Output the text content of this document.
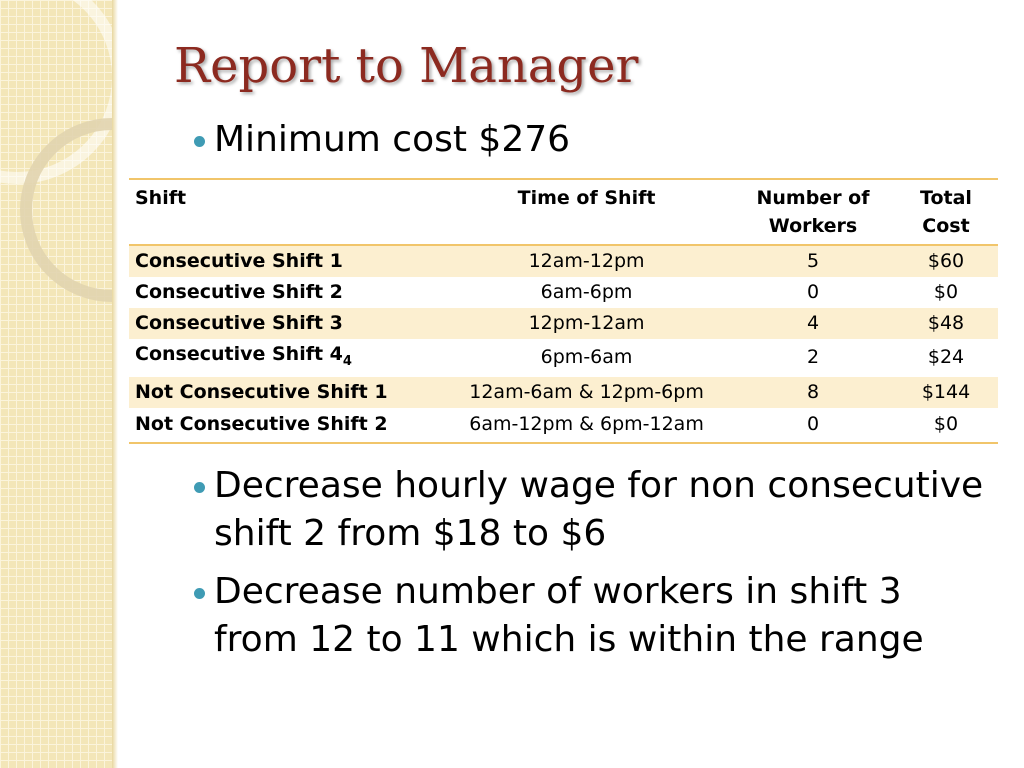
Report to Manager

Minimum cost $276

Shift	Time of Shift	Number of Workers	Total Cost
Consecutive Shift 1	12am-12pm	5	$60
Consecutive Shift 2	6am-6pm	0	$0
Consecutive Shift 3	12pm-12am	4	$48
Consecutive Shift $4_4$	6pm-6am	2	$24
Not Consecutive Shift 1	12am-6am & 12pm-6pm	8	$144
Not Consecutive Shift 2	6am-12pm & 6pm-12am	0	$0

Decrease hourly wage for non consecutive shift 2 from $18 to $6

Decrease number of workers in shift 3 from 12 to 11 which is within the range
